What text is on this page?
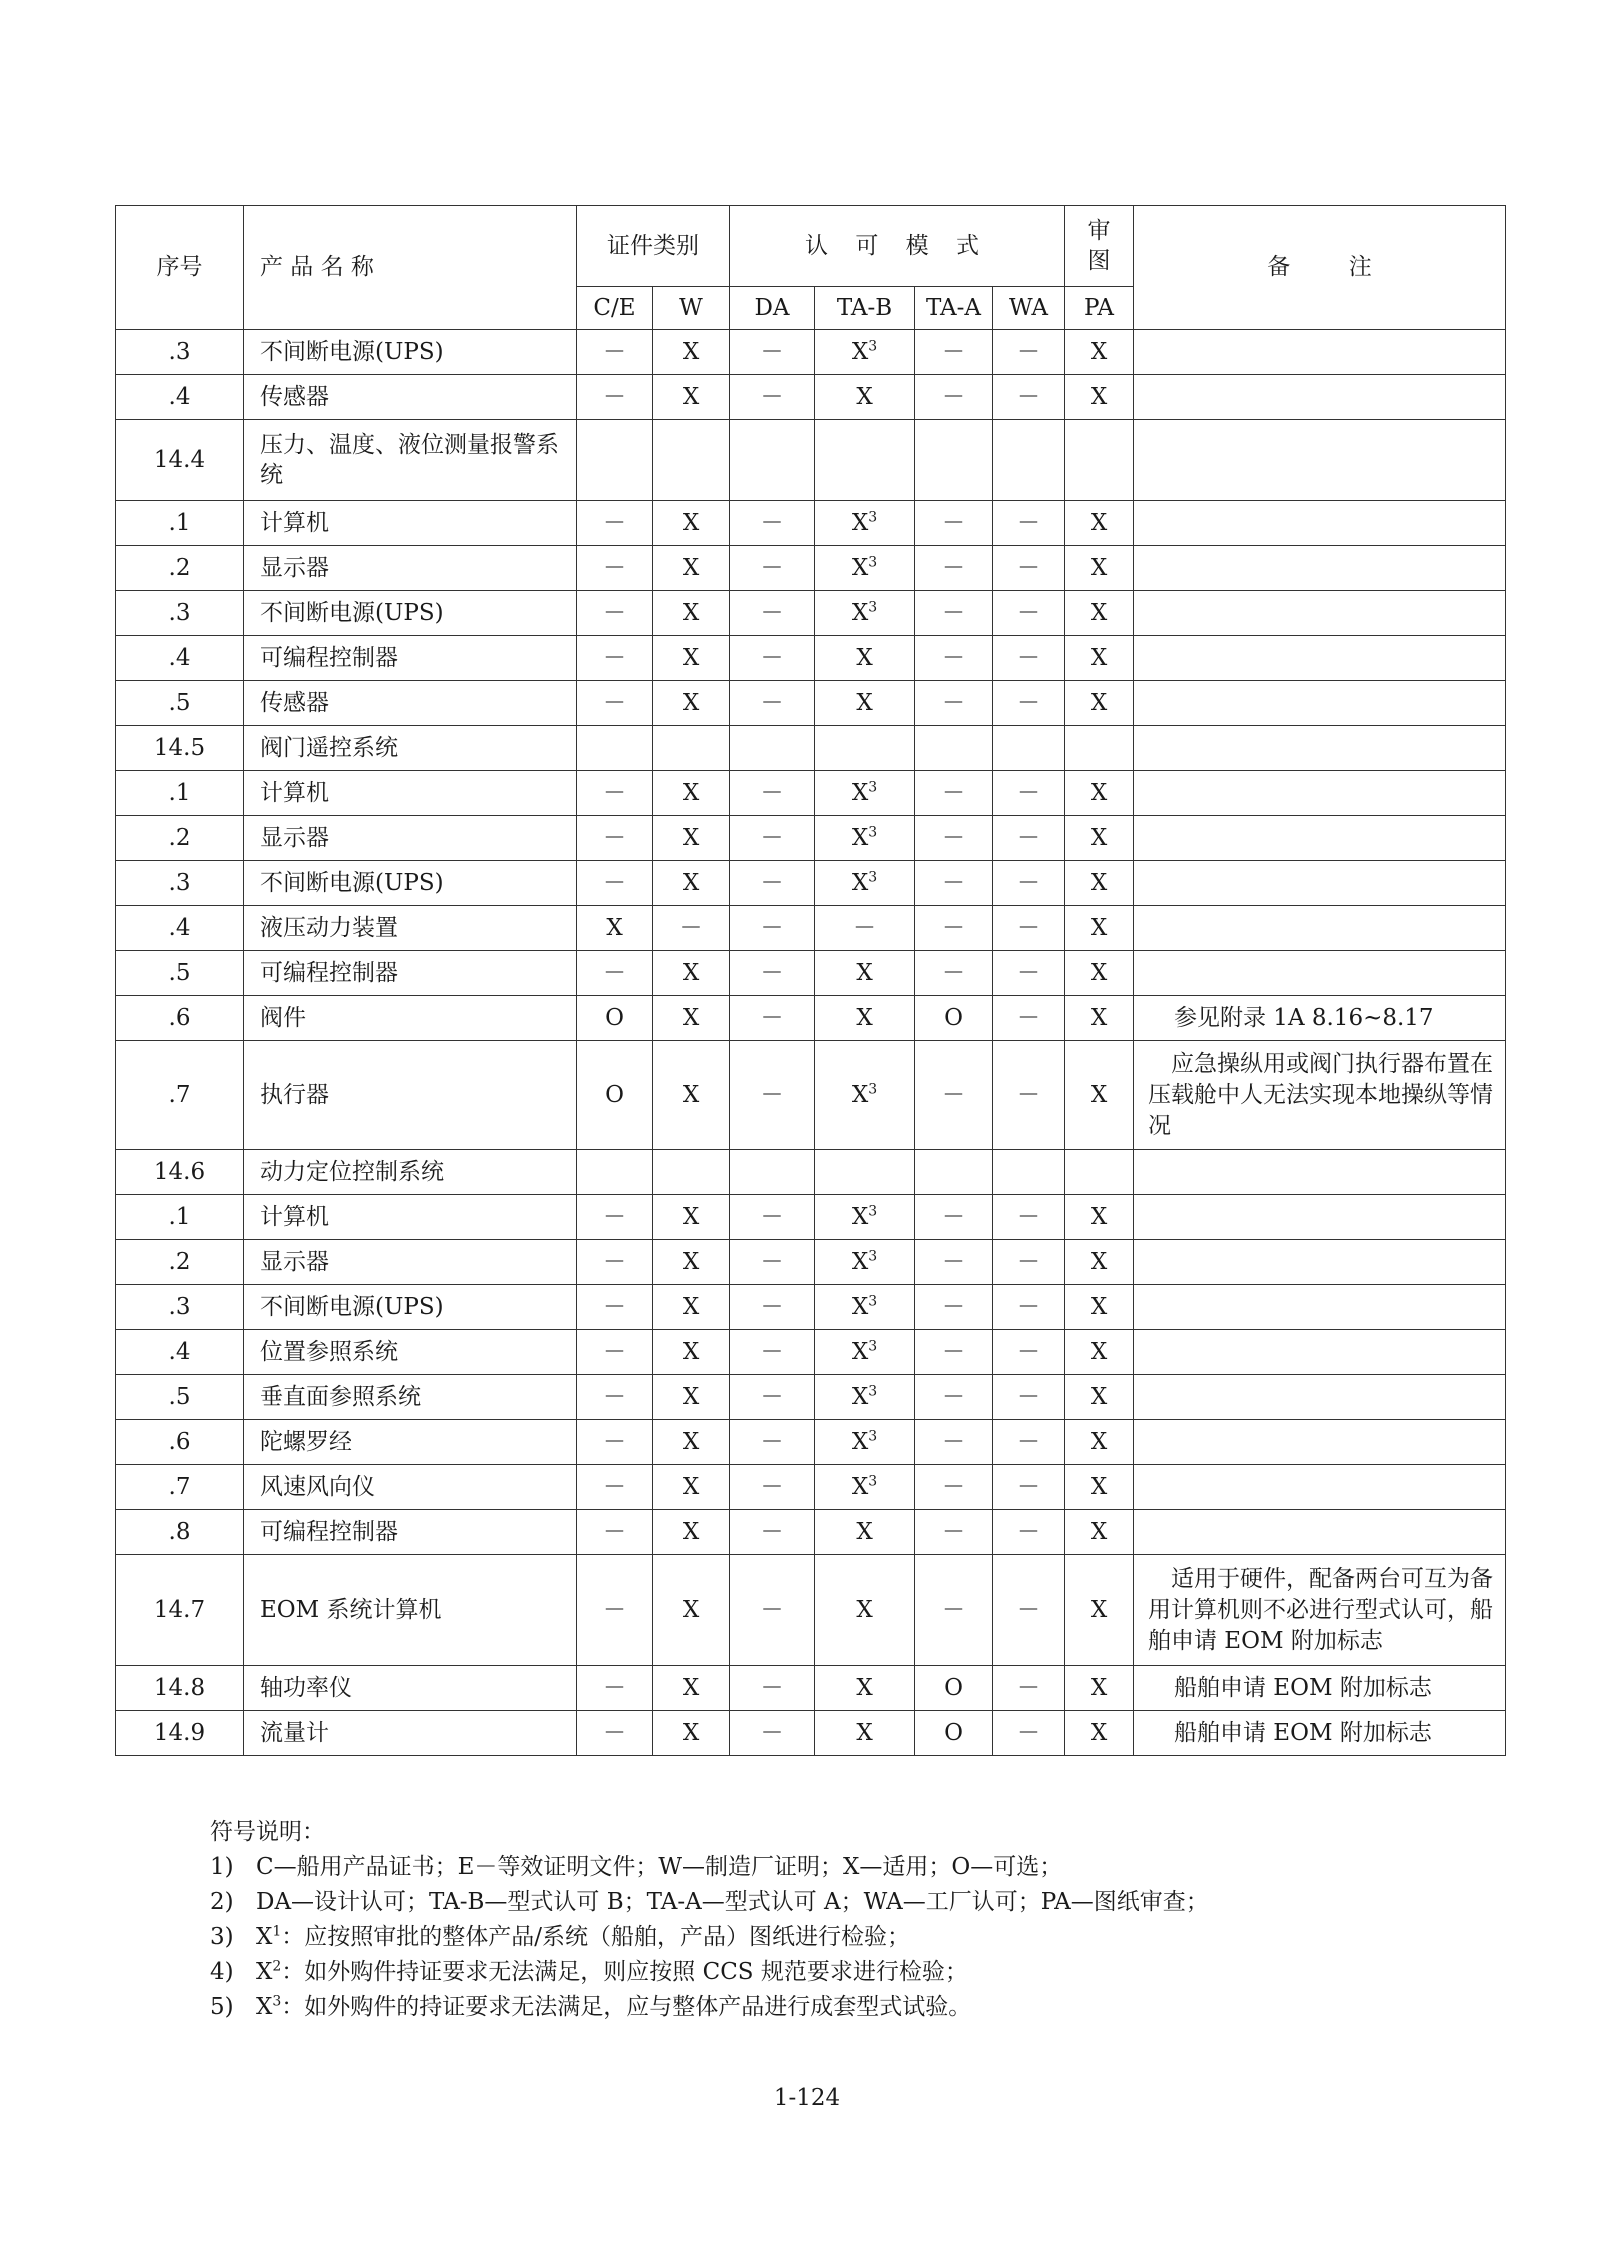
序号	产 品 名 称	证件类别		认 可 模 式				审图	备        注
		C/E	W	DA	TA-B	TA-A	WA	PA	
.3	不间断电源(UPS)	－	X	－	$X^3$	－	－	X	
.4	传感器	－	X	－	X	－	－	X	
14.4	压力、温度、液位测量报警系统								
.1	计算机	－	X	－	$X^3$	－	－	X	
.2	显示器	－	X	－	$X^3$	－	－	X	
.3	不间断电源(UPS)	－	X	－	$X^3$	－	－	X	
.4	可编程控制器	－	X	－	X	－	－	X	
.5	传感器	－	X	－	X	－	－	X	
14.5	阀门遥控系统								
.1	计算机	－	X	－	$X^3$	－	－	X	
.2	显示器	－	X	－	$X^3$	－	－	X	
.3	不间断电源(UPS)	－	X	－	$X^3$	－	－	X	
.4	液压动力装置	X	－	－	－	－	－	X	
.5	可编程控制器	－	X	－	X	－	－	X	
.6	阀件	O	X	－	X	O	－	X	参见附录 1A 8.16~8.17
.7	执行器	O	X	－	$X^3$	－	－	X	应急操纵用或阀门执行器布置在压载舱中人无法实现本地操纵等情况
14.6	动力定位控制系统								
.1	计算机	－	X	－	$X^3$	－	－	X	
.2	显示器	－	X	－	$X^3$	－	－	X	
.3	不间断电源(UPS)	－	X	－	$X^3$	－	－	X	
.4	位置参照系统	－	X	－	$X^3$	－	－	X	
.5	垂直面参照系统	－	X	－	$X^3$	－	－	X	
.6	陀螺罗经	－	X	－	$X^3$	－	－	X	
.7	风速风向仪	－	X	－	$X^3$	－	－	X	
.8	可编程控制器	－	X	－	X	－	－	X	
14.7	EOM 系统计算机	－	X	－	X	－	－	X	适用于硬件，配备两台可互为备用计算机则不必进行型式认可，船舶申请 EOM 附加标志
14.8	轴功率仪	－	X	－	X	O	－	X	船舶申请 EOM 附加标志
14.9	流量计	－	X	－	X	O	－	X	船舶申请 EOM 附加标志
符号说明：
1) C—船用产品证书；E－等效证明文件；W—制造厂证明；X—适用；O—可选；
2) DA—设计认可；TA-B—型式认可 B；TA-A—型式认可 A；WA—工厂认可；PA—图纸审查；
3) $X^1$：应按照审批的整体产品/系统（船舶，产品）图纸进行检验；
4) $X^2$：如外购件持证要求无法满足，则应按照 CCS 规范要求进行检验；
5) $X^3$：如外购件的持证要求无法满足，应与整体产品进行成套型式试验。
1-124
